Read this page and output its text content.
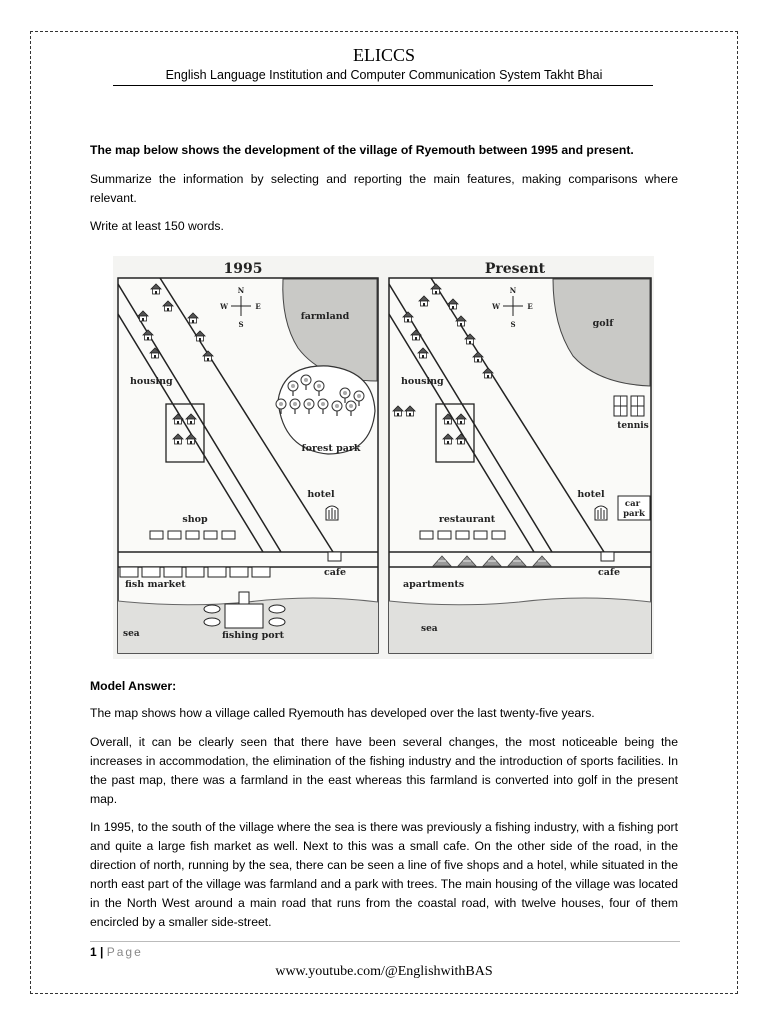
ELICCS
English Language Institution and Computer Communication System Takht Bhai
The map below shows the development of the village of Ryemouth between 1995 and present.
Summarize the information by selecting and reporting the main features, making comparisons where relevant.
Write at least 150 words.
1995
farmland
housing
N
S
W	E
forest park
hotel
shop
cafe
fish market
sea	fishing port
Present
golf
housing
N
S
W	E
tennis
hotel
car park
restaurant
cafe
apartments
sea
Model Answer:
The map shows how a village called Ryemouth has developed over the last twenty-five years.
Overall, it can be clearly seen that there have been several changes, the most noticeable being the increases in accommodation, the elimination of the fishing industry and the introduction of sports facilities. In the past map, there was a farmland in the east whereas this farmland is converted into golf in the present map.
In 1995, to the south of the village where the sea is there was previously a fishing industry, with a fishing port and quite a large fish market as well. Next to this was a small cafe. On the other side of the road, in the direction of north, running by the sea, there can be seen a line of five shops and a hotel, while situated in the north east part of the village was farmland and a park with trees. The main housing of the village was located in the North West around a main road that runs from the coastal road, with twelve houses, four of them encircled by a smaller side-street.
1 | Page
www.youtube.com/@EnglishwithBAS
